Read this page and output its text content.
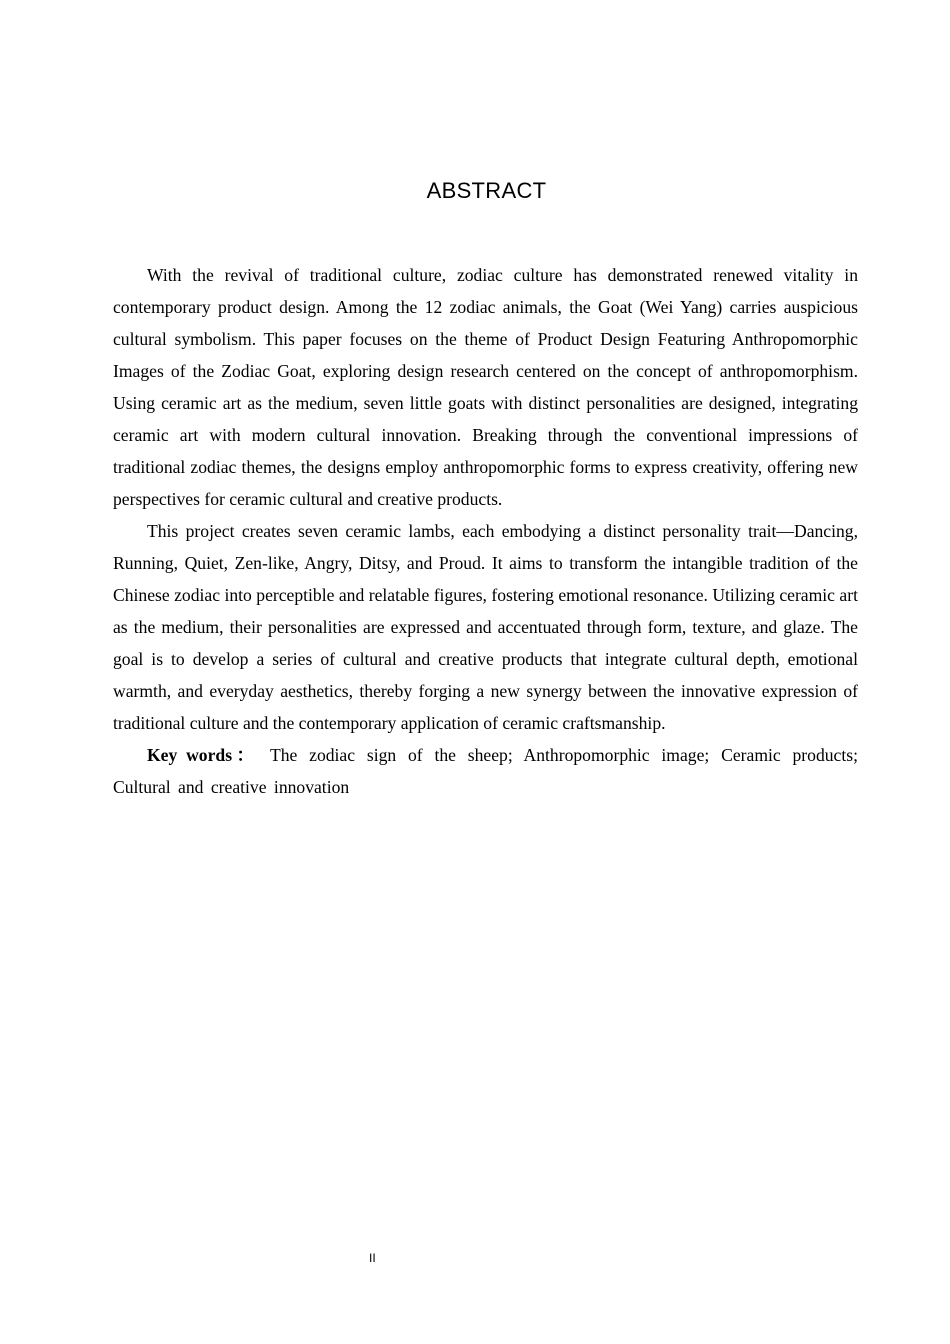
ABSTRACT

With the revival of traditional culture, zodiac culture has demonstrated renewed vitality in contemporary product design. Among the 12 zodiac animals, the Goat (Wei Yang) carries auspicious cultural symbolism. This paper focuses on the theme of Product Design Featuring Anthropomorphic Images of the Zodiac Goat, exploring design research centered on the concept of anthropomorphism. Using ceramic art as the medium, seven little goats with distinct personalities are designed, integrating ceramic art with modern cultural innovation. Breaking through the conventional impressions of traditional zodiac themes, the designs employ anthropomorphic forms to express creativity, offering new perspectives for ceramic cultural and creative products.

This project creates seven ceramic lambs, each embodying a distinct personality trait—Dancing, Running, Quiet, Zen-like, Angry, Ditsy, and Proud. It aims to transform the intangible tradition of the Chinese zodiac into perceptible and relatable figures, fostering emotional resonance. Utilizing ceramic art as the medium, their personalities are expressed and accentuated through form, texture, and glaze. The goal is to develop a series of cultural and creative products that integrate cultural depth, emotional warmth, and everyday aesthetics, thereby forging a new synergy between the innovative expression of traditional culture and the contemporary application of ceramic craftsmanship.

Key words： The zodiac sign of the sheep; Anthropomorphic image; Ceramic products; Cultural and creative innovation

II
